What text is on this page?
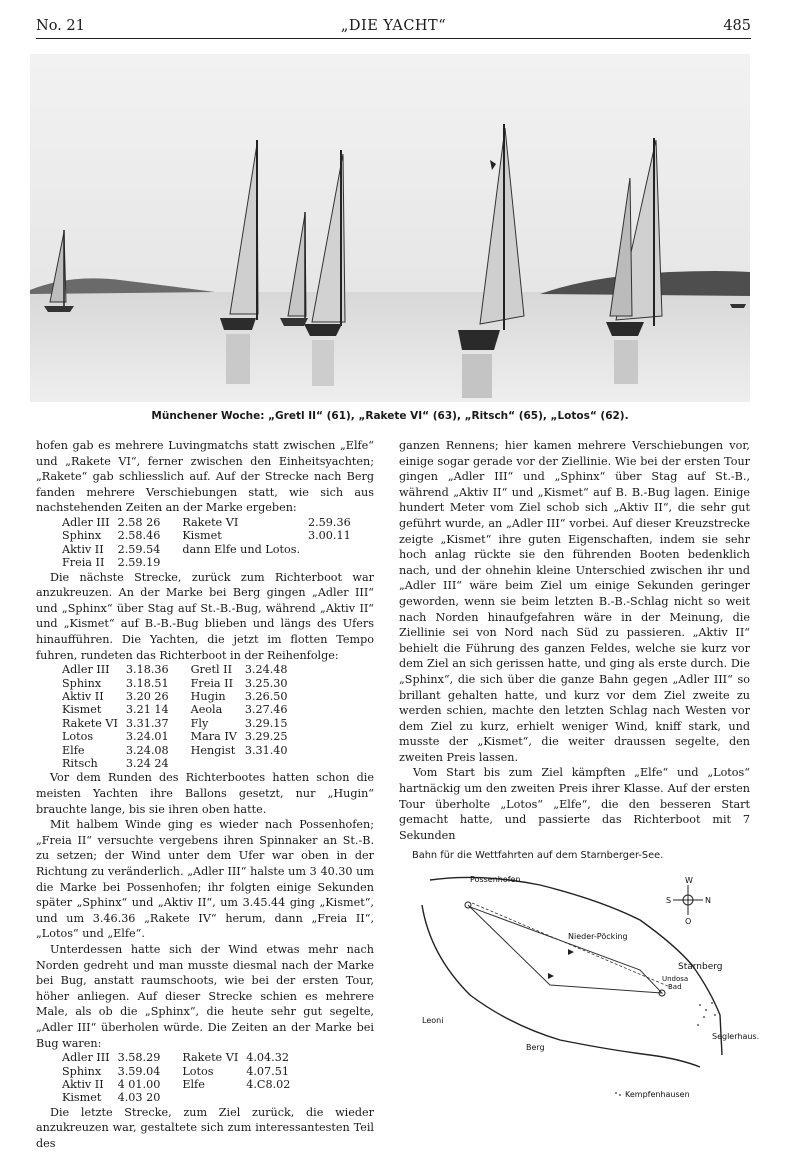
No. 21	„DIE YACHT“	485
Münchener Woche: „Gretl II“ (61), „Rakete VI“ (63), „Ritsch“ (65), „Lotos“ (62).

hofen gab es mehrere Luvingmatchs statt zwischen „Elfe“ und „Rakete VI“, ferner zwischen den Einheitsyachten; „Rakete“ gab schliesslich auf. Auf der Strecke nach Berg fanden mehrere Verschiebungen statt, wie sich aus nachstehenden Zeiten an der Marke ergeben:

Adler III	2.58 26	Rakete VI	2.59.36
Sphinx	2.58.46	Kismet	3.00.11
Aktiv II	2.59.54	dann Elfe und Lotos.	
Freia II	2.59.19		

Die nächste Strecke, zurück zum Richterboot war anzukreuzen. An der Marke bei Berg gingen „Adler III“ und „Sphinx“ über Stag auf St.-B.-Bug, während „Aktiv II“ und „Kismet“ auf B.-B.-Bug blieben und längs des Ufers hinaufführen. Die Yachten, die jetzt im flotten Tempo fuhren, rundeten das Richterboot in der Reihenfolge:

Adler III	3.18.36	Gretl II	3.24.48
Sphinx	3.18.51	Freia II	3.25.30
Aktiv II	3.20 26	Hugin	3.26.50
Kismet	3.21 14	Aeola	3.27.46
Rakete VI	3.31.37	Fly	3.29.15
Lotos	3.24.01	Mara IV	3.29.25
Elfe	3.24.08	Hengist	3.31.40
Ritsch	3.24 24		

Vor dem Runden des Richterbootes hatten schon die meisten Yachten ihre Ballons gesetzt, nur „Hugin“ brauchte lange, bis sie ihren oben hatte.

Mit halbem Winde ging es wieder nach Possenhofen; „Freia II“ versuchte vergebens ihren Spinnaker an St.-B. zu setzen; der Wind unter dem Ufer war oben in der Richtung zu veränderlich. „Adler III“ halste um 3 40.30 um die Marke bei Possenhofen; ihr folgten einige Sekunden später „Sphinx“ und „Aktiv II“, um 3.45.44 ging „Kismet“, und um 3.46.36 „Rakete IV“ herum, dann „Freia II“, „Lotos“ und „Elfe“.

Unterdessen hatte sich der Wind etwas mehr nach Norden gedreht und man musste diesmal nach der Marke bei Bug, anstatt raumschoots, wie bei der ersten Tour, höher anliegen. Auf dieser Strecke schien es mehrere Male, als ob die „Sphinx“, die heute sehr gut segelte, „Adler III“ überholen würde. Die Zeiten an der Marke bei Bug waren:

Adler III	3.58.29	Rakete VI	4.04.32
Sphinx	3.59.04	Lotos	4.07.51
Aktiv II	4 01.00	Elfe	4.C8.02
Kismet	4.03 20		

Die letzte Strecke, zum Ziel zurück, die wieder anzukreuzen war, gestaltete sich zum interessantesten Teil des

ganzen Rennens; hier kamen mehrere Verschiebungen vor, einige sogar gerade vor der Ziellinie. Wie bei der ersten Tour gingen „Adler III“ und „Sphinx“ über Stag auf St.-B., während „Aktiv II“ und „Kismet“ auf B. B.-Bug lagen. Einige hundert Meter vom Ziel schob sich „Aktiv II“, die sehr gut geführt wurde, an „Adler III“ vorbei. Auf dieser Kreuzstrecke zeigte „Kismet“ ihre guten Eigenschaften, indem sie sehr hoch anlag rückte sie den führenden Booten bedenklich nach, und der ohnehin kleine Unterschied zwischen ihr und „Adler III“ wäre beim Ziel um einige Sekunden geringer geworden, wenn sie beim letzten B.-B.-Schlag nicht so weit nach Norden hinaufgefahren wäre in der Meinung, die Ziellinie sei von Nord nach Süd zu passieren. „Aktiv II“ behielt die Führung des ganzen Feldes, welche sie kurz vor dem Ziel an sich gerissen hatte, und ging als erste durch. Die „Sphinx“, die sich über die ganze Bahn gegen „Adler III“ so brillant gehalten hatte, und kurz vor dem Ziel zweite zu werden schien, machte den letzten Schlag nach Westen vor dem Ziel zu kurz, erhielt weniger Wind, kniff stark, und musste der „Kismet“, die weiter draussen segelte, den zweiten Preis lassen.

Vom Start bis zum Ziel kämpften „Elfe“ und „Lotos“ hartnäckig um den zweiten Preis ihrer Klasse. Auf der ersten Tour überholte „Lotos“ „Elfe“, die den besseren Start gemacht hatte, und passierte das Richterboot mit 7 Sekunden

W
S	N
O
Possenhofen
Nieder-Pöcking
Starnberg
Undosa
Bad
Leoni
Berg
Seglerhaus.
Kempfenhausen
Bahn für die Wettfahrten auf dem Starnberger-See.
